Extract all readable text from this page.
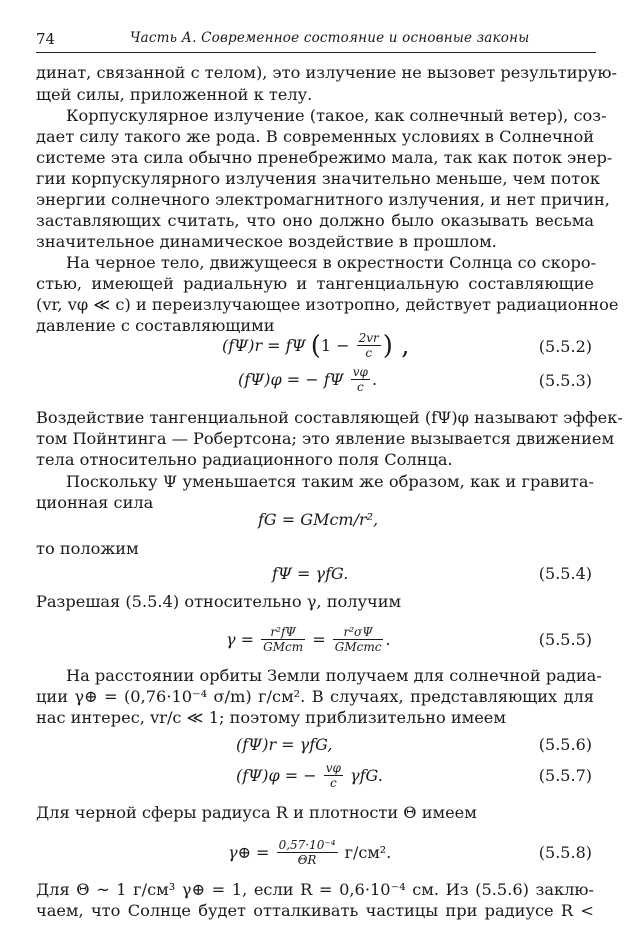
74	Часть А. Современное состояние и основные законы
динат, связанной с телом), это излучение не вызовет результирую-
щей силы, приложенной к телу.
Корпускулярное излучение (такое, как солнечный ветер), соз-
дает силу такого же рода. В современных условиях в Солнечной
системе эта сила обычно пренебрежимо мала, так как поток энер-
гии корпускулярного излучения значительно меньше, чем поток
энергии солнечного электромагнитного излучения, и нет причин,
заставляющих считать, что оно должно было оказывать весьма
значительное динамическое воздействие в прошлом.
На черное тело, движущееся в окрестности Солнца со скоро-
стью, имеющей радиальную и тангенциальную составляющие
(vr, vφ ≪ c) и переизлучающее изотропно, действует радиационное
давление с составляющими
(fΨ)r = fΨ
( 1 −
$\frac{2vr}{c}$ ) ,	(5.5.2)
(fΨ)φ = − fΨ
$\frac{v\varphi}{c}$ .	(5.5.3)
Воздействие тангенциальной составляющей (fΨ)φ называют эффек-
том Пойнтинга — Робертсона; это явление вызывается движением
тела относительно радиационного поля Солнца.
Поскольку Ψ уменьшается таким же образом, как и гравита-
ционная сила
fG = GMcm/r²,
то положим
fΨ = γfG.	(5.5.4)
Разрешая (5.5.4) относительно γ, получим
γ =
$\frac{\text{r²fΨ}}{\text{GMcm}}$
=
$\frac{\text{r²σΨ}}{\text{GMcmc}}$ .	(5.5.5)
На расстоянии орбиты Земли получаем для солнечной радиа-
ции γ⊕ = (0,76·10⁻⁴ σ/m) г/см². В случаях, представляющих для
нас интерес, vr/c ≪ 1; поэтому приблизительно имеем
(fΨ)r = γfG,	(5.5.6)
(fΨ)φ = −
$\frac{v\varphi}{c}$
γfG.	(5.5.7)
Для черной сферы радиуса R и плотности Θ имеем
γ⊕ =
$\frac{\text{0,57·10⁻⁴}}{\Theta R}$
г/см².	(5.5.8)
Для Θ ∼ 1 г/см³ γ⊕ = 1, если R = 0,6·10⁻⁴ см. Из (5.5.6) заклю-
чаем, что Солнце будет отталкивать частицы при радиусе R <
